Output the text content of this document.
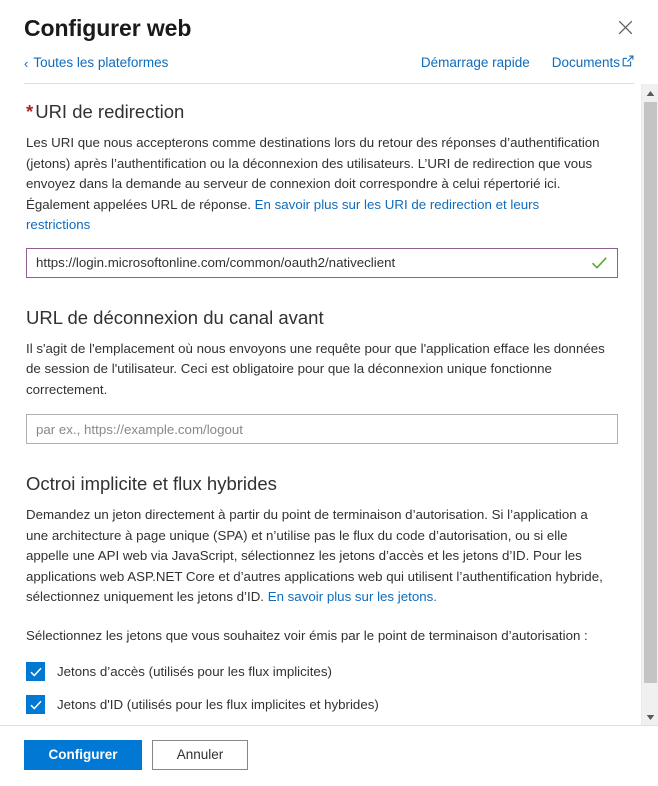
Configurer web
‹ Toutes les plateformes	Démarrage rapide Documents
* URI de redirection

Les URI que nous accepterons comme destinations lors du retour des réponses d’authentification (jetons) après l’authentification ou la déconnexion des utilisateurs. L’URI de redirection que vous envoyez dans la demande au serveur de connexion doit correspondre à celui répertorié ici. Également appelées URL de réponse. En savoir plus sur les URI de redirection et leurs restrictions

https://login.microsoftonline.com/common/oauth2/nativeclient
URL de déconnexion du canal avant

Il s'agit de l'emplacement où nous envoyons une requête pour que l'application efface les données de session de l'utilisateur. Ceci est obligatoire pour que la déconnexion unique fonctionne correctement.

par ex., https://example.com/logout
Octroi implicite et flux hybrides

Demandez un jeton directement à partir du point de terminaison d’autorisation. Si l’application a une architecture à page unique (SPA) et n’utilise pas le flux du code d’autorisation, ou si elle appelle une API web via JavaScript, sélectionnez les jetons d’accès et les jetons d’ID. Pour les applications web ASP.NET Core et d’autres applications web qui utilisent l’authentification hybride, sélectionnez uniquement les jetons d’ID. En savoir plus sur les jetons.

Sélectionnez les jetons que vous souhaitez voir émis par le point de terminaison d’autorisation :

Jetons d’accès (utilisés pour les flux implicites)
Jetons d'ID (utilisés pour les flux implicites et hybrides)
Configurer	Annuler
